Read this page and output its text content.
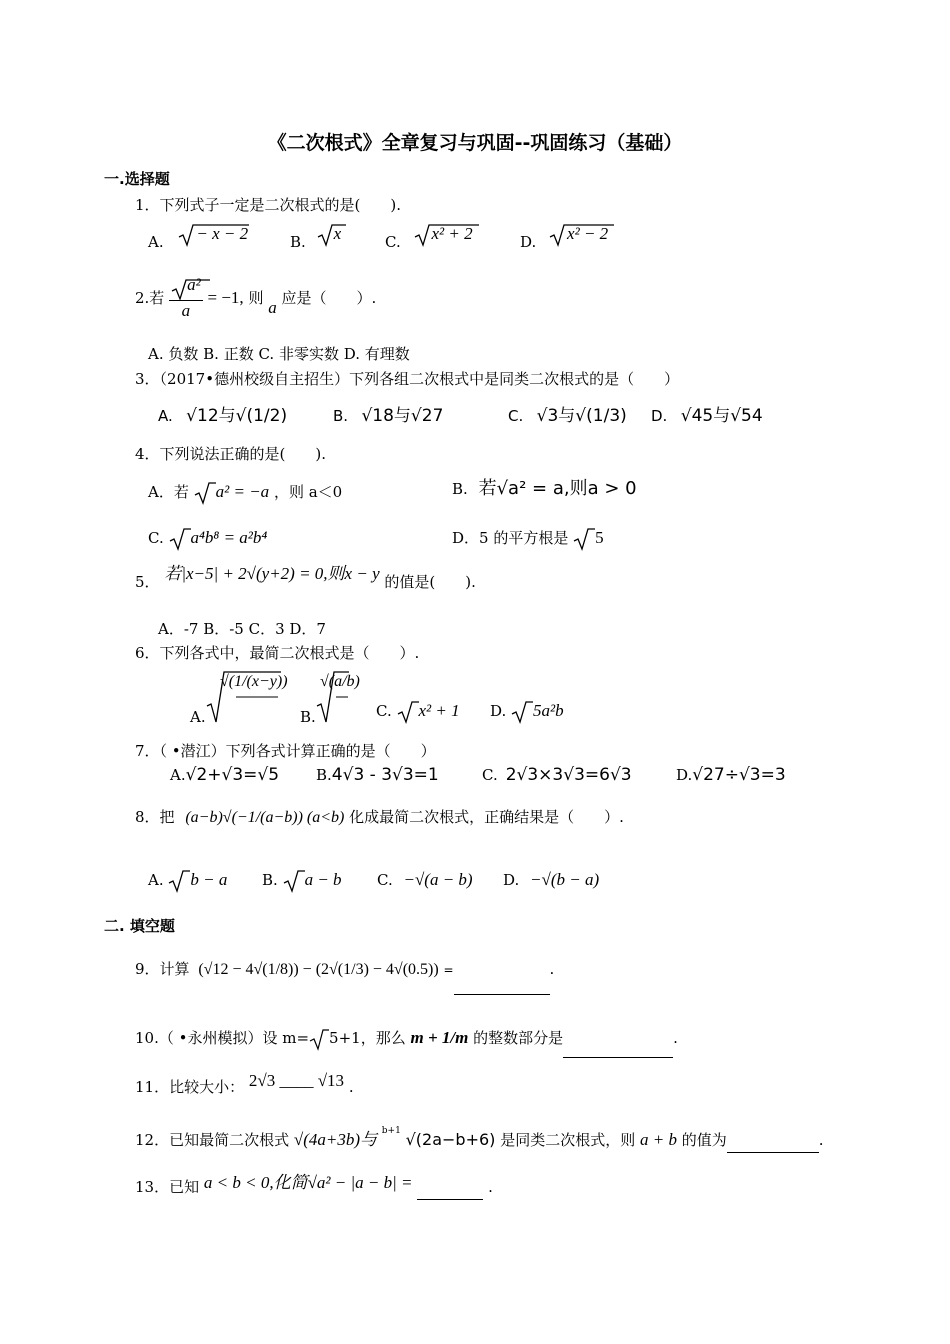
《二次根式》全章复习与巩固--巩固练习（基础）
一.选择题
1．下列式子一定是二次根式的是(　　).
A. − x − 2	B. x	C. x² + 2	D. x² − 2
2.若 $\frac{\text{a²}}{a} = -1$, 则 a 应是（　　）.
A. 负数 B. 正数 C. 非零实数 D. 有理数
3．（2017•德州校级自主招生）下列各组二次根式中是同类二次根式的是（　　）
A. √12与√(1/2)	B. √18与√27	C. √3与√(1/3) D. √45与√54
4．下列说法正确的是(　　).
A．若 a² = −a ，则 a＜0	B. 若√a² = a,则a > 0
C. a⁴b⁸ = a²b⁴	D．5 的平方根是 5
5． 若|x−5| + 2√(y+2) = 0,则x − y 的值是(　　).
A．-7 B．-5 C．3 D．7
6．下列各式中，最简二次根式是（　　）.
A.
√(1/(x−y))
B.
√(a/b)
C. x² + 1 D. 5a²b
7．（ •潜江）下列各式计算正确的是（　　）
A.√2+√3=√5 B.4√3 - 3√3=1	C. 2√3×3√3=6√3	D.√27÷√3=3
8．把 (a−b)√(−1/(a−b)) (a<b) 化成最简二次根式，正确结果是（　　）.
A. b − a B. a − b C. −√(a − b) D. −√(b − a)
二. 填空题
9．计算 (√12 − 4√(1/8)) − (2√(1/3) − 4√(0.5)) =	.
10.（ •永州模拟）设 m= 5+1，那么 m + 1/m 的整数部分是	.
11．比较大小： 2√3 ____ √13 .
12．已知最简二次根式 √(4a+3b)与 $^{b+1}$ √(2a−b+6) 是同类二次根式，则 a + b 的值为	.
13．已知 a < b < 0,化简√a² − |a − b| =	.
